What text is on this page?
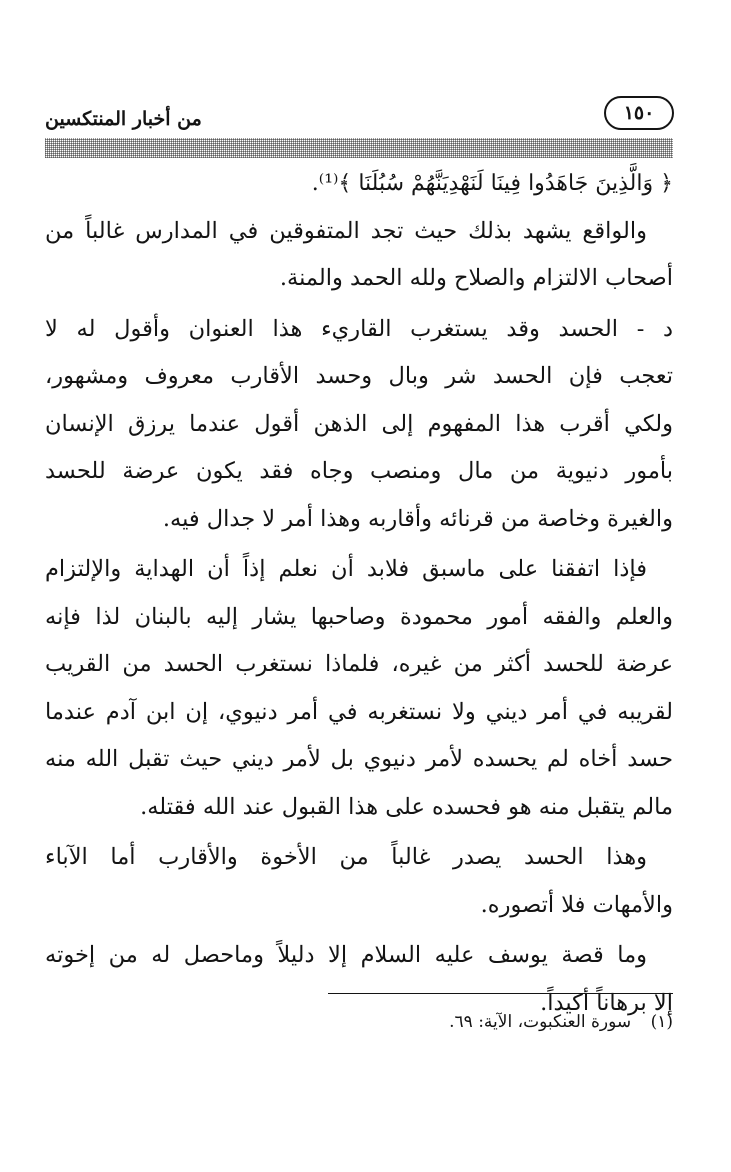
١٥٠
من أخبار المنتكسين
﴿ وَالَّذِينَ جَاهَدُوا فِينَا لَنَهْدِيَنَّهُمْ سُبُلَنَا ﴾⁽¹⁾.
والواقع يشهد بذلك حيث تجد المتفوقين في المدارس غالباً من
أصحاب الالتزام والصلاح ولله الحمد والمنة.
د - الحسد وقد يستغرب القاريء هذا العنوان وأقول له لا
تعجب فإن الحسد شر وبال وحسد الأقارب معروف ومشهور،
ولكي أقرب هذا المفهوم إلى الذهن أقول عندما يرزق الإنسان
بأمور دنيوية من مال ومنصب وجاه فقد يكون عرضة للحسد
والغيرة وخاصة من قرنائه وأقاربه وهذا أمر لا جدال فيه.
فإذا اتفقنا على ماسبق فلابد أن نعلم إذاً أن الهداية والإلتزام
والعلم والفقه أمور محمودة وصاحبها يشار إليه بالبنان لذا فإنه
عرضة للحسد أكثر من غيره، فلماذا نستغرب الحسد من القريب
لقريبه في أمر ديني ولا نستغربه في أمر دنيوي، إن ابن آدم عندما
حسد أخاه لم يحسده لأمر دنيوي بل لأمر ديني حيث تقبل الله منه
مالم يتقبل منه هو فحسده على هذا القبول عند الله فقتله.
وهذا الحسد يصدر غالباً من الأخوة والأقارب أما الآباء
والأمهات فلا أتصوره.
وما قصة يوسف عليه السلام إلا دليلاً وماحصل له من إخوته
إلا برهاناً أكيداً.
(١) سورة العنكبوت، الآية: ٦٩.
